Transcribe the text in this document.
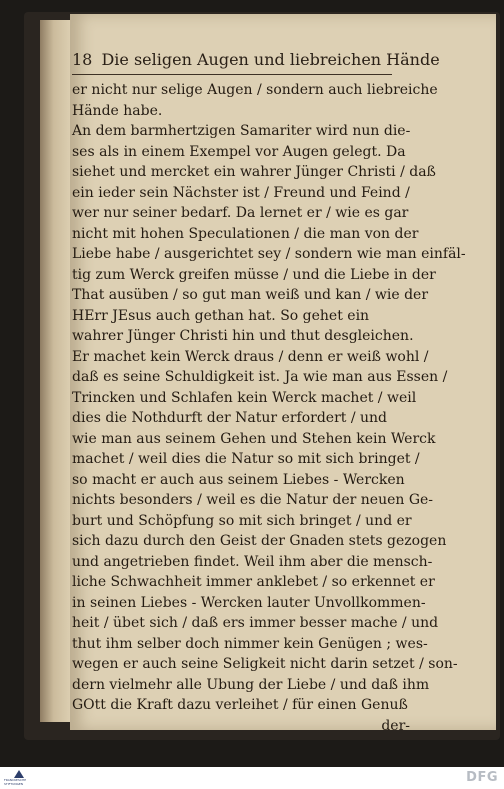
18 Die seligen Augen und liebreichen Hände
er nicht nur selige Augen / sondern auch liebreiche
Hände habe.
An dem barmhertzigen Samariter wird nun die-
ses als in einem Exempel vor Augen gelegt. Da
siehet und mercket ein wahrer Jünger Christi / daß
ein ieder sein Nächster ist / Freund und Feind /
wer nur seiner bedarf. Da lernet er / wie es gar
nicht mit hohen Speculationen / die man von der
Liebe habe / ausgerichtet sey / sondern wie man einfäl-
tig zum Werck greifen müsse / und die Liebe in der
That ausüben / so gut man weiß und kan / wie der
HErr JEsus auch gethan hat. So gehet ein
wahrer Jünger Christi hin und thut desgleichen.
Er machet kein Werck draus / denn er weiß wohl /
daß es seine Schuldigkeit ist. Ja wie man aus Essen /
Trincken und Schlafen kein Werck machet / weil
dies die Nothdurft der Natur erfordert / und
wie man aus seinem Gehen und Stehen kein Werck
machet / weil dies die Natur so mit sich bringet /
so macht er auch aus seinem Liebes - Wercken
nichts besonders / weil es die Natur der neuen Ge-
burt und Schöpfung so mit sich bringet / und er
sich dazu durch den Geist der Gnaden stets gezogen
und angetrieben findet. Weil ihm aber die mensch-
liche Schwachheit immer anklebet / so erkennet er
in seinen Liebes - Wercken lauter Unvollkommen-
heit / übet sich / daß ers immer besser mache / und
thut ihm selber doch nimmer kein Genügen ; wes-
wegen er auch seine Seligkeit nicht darin setzet / son-
dern vielmehr alle Ubung der Liebe / und daß ihm
GOtt die Kraft dazu verleihet / für einen Genuß
der-
FRANCKESCHE STIFTUNGEN	DFG
